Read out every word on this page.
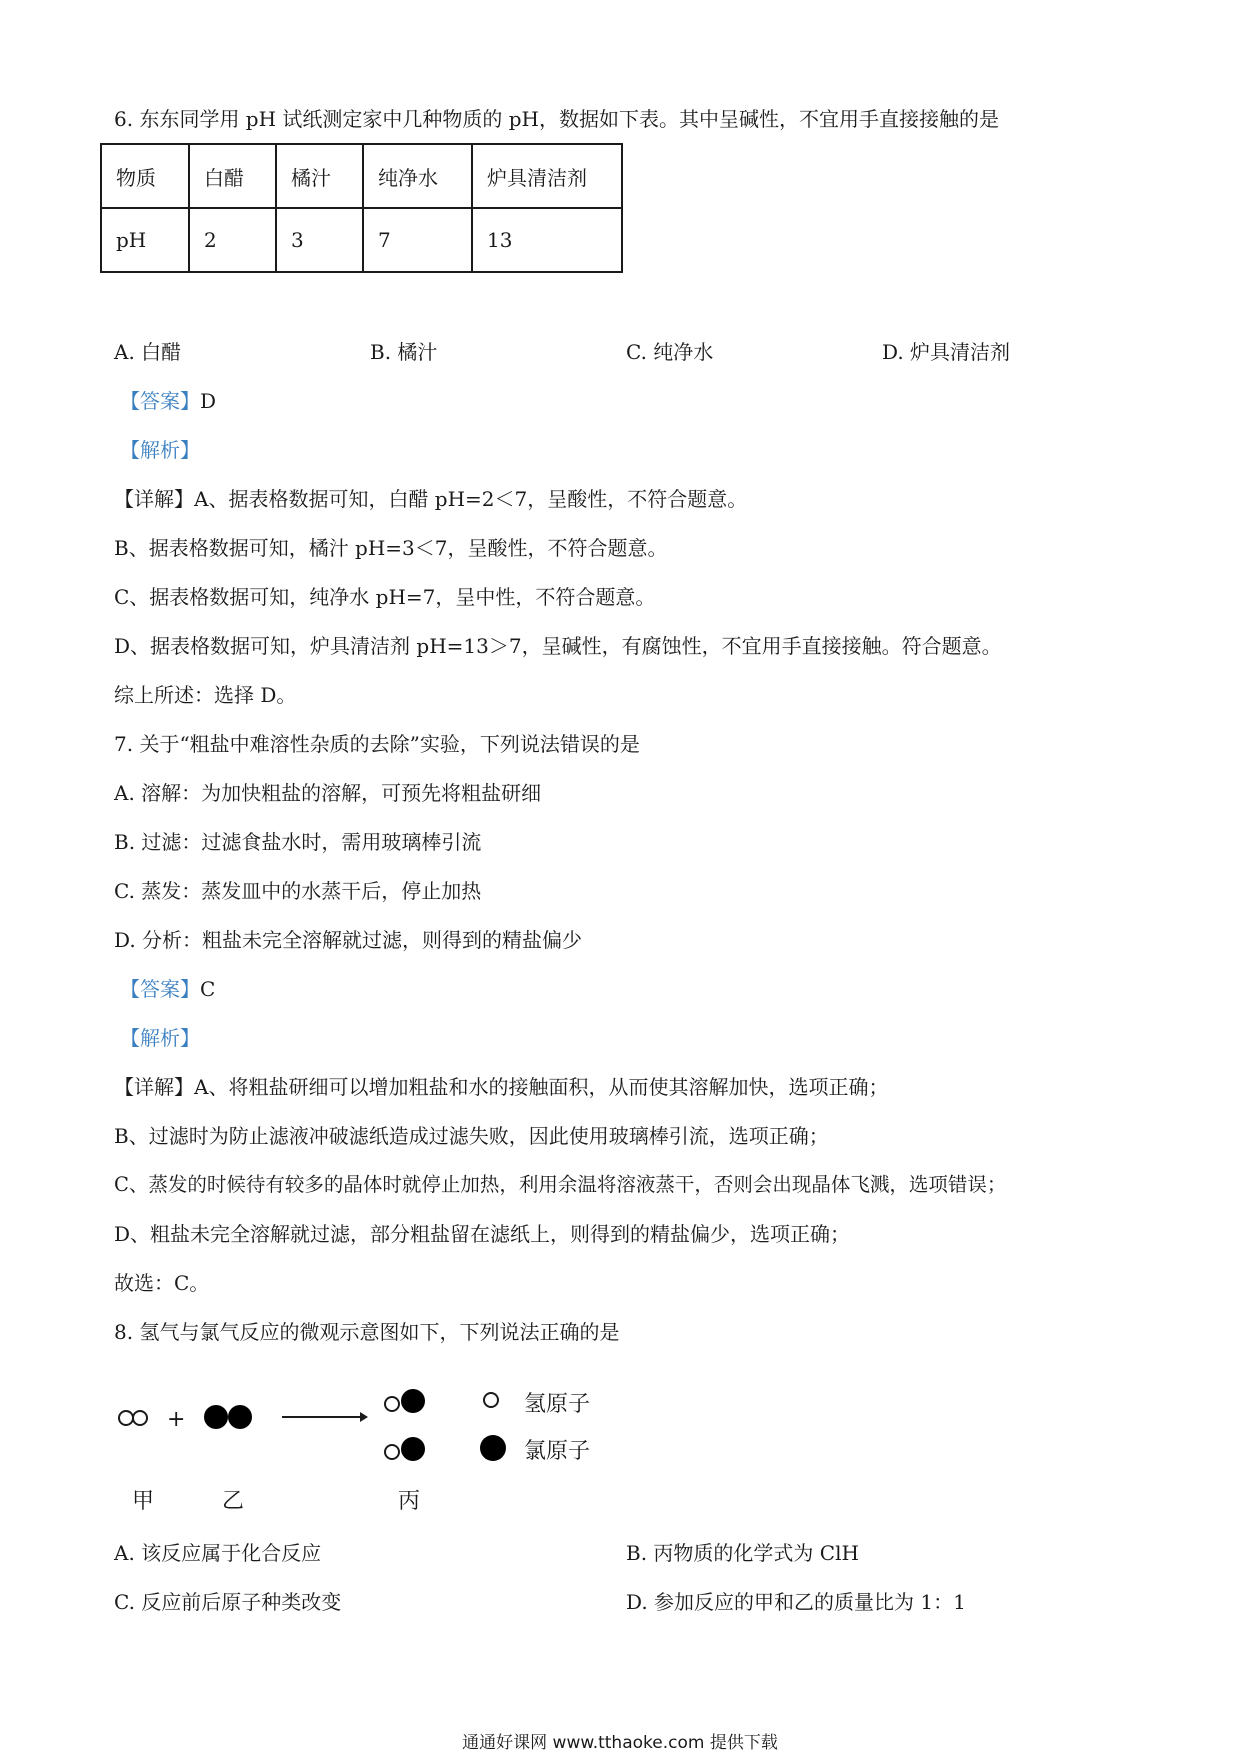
6. 东东同学用 pH 试纸测定家中几种物质的 pH，数据如下表。其中呈碱性，不宜用手直接接触的是
物质	白醋	橘汁	纯净水	炉具清洁剂
pH	2	3	7	13
A. 白醋	B. 橘汁	C. 纯净水	D. 炉具清洁剂
【答案】D
【解析】
【详解】A、据表格数据可知，白醋 pH=2＜7，呈酸性，不符合题意。
B、据表格数据可知，橘汁 pH=3＜7，呈酸性，不符合题意。
C、据表格数据可知，纯净水 pH=7，呈中性，不符合题意。
D、据表格数据可知，炉具清洁剂 pH=13＞7，呈碱性，有腐蚀性，不宜用手直接接触。符合题意。
综上所述：选择 D。
7. 关于“粗盐中难溶性杂质的去除”实验，下列说法错误的是
A. 溶解：为加快粗盐的溶解，可预先将粗盐研细
B. 过滤：过滤食盐水时，需用玻璃棒引流
C. 蒸发：蒸发皿中的水蒸干后，停止加热
D. 分析：粗盐未完全溶解就过滤，则得到的精盐偏少
【答案】C
【解析】
【详解】A、将粗盐研细可以增加粗盐和水的接触面积，从而使其溶解加快，选项正确；
B、过滤时为防止滤液冲破滤纸造成过滤失败，因此使用玻璃棒引流，选项正确；
C、蒸发的时候待有较多的晶体时就停止加热，利用余温将溶液蒸干，否则会出现晶体飞溅，选项错误；
D、粗盐未完全溶解就过滤，部分粗盐留在滤纸上，则得到的精盐偏少，选项正确；
故选：C。
8. 氢气与氯气反应的微观示意图如下，下列说法正确的是
+
氢原子
氯原子
甲	乙	丙
A. 该反应属于化合反应	B. 丙物质的化学式为 ClH
C. 反应前后原子种类改变	D. 参加反应的甲和乙的质量比为 1：1
通通好课网 www.tthaoke.com 提供下载
